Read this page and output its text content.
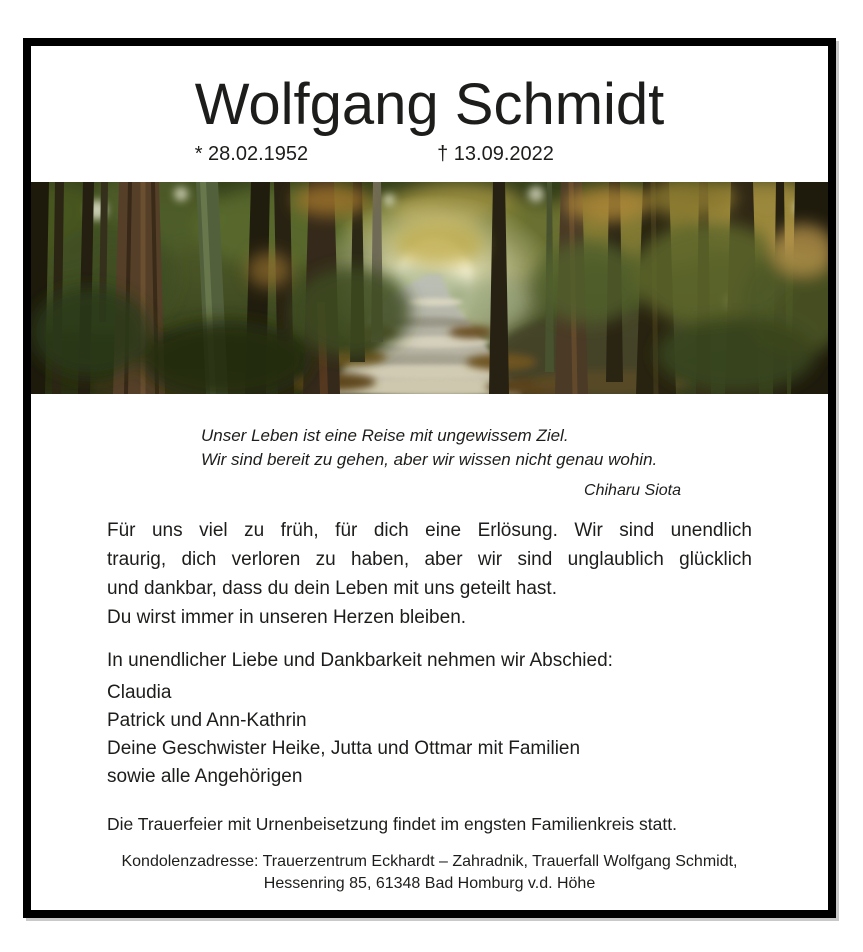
Wolfgang Schmidt
* 28.02.1952	† 13.09.2022
Unser Leben ist eine Reise mit ungewissem Ziel.
Wir sind bereit zu gehen, aber wir wissen nicht genau wohin.
Chiharu Siota
Für uns viel zu früh, für dich eine Erlösung. Wir sind unendlich
traurig, dich verloren zu haben, aber wir sind unglaublich glücklich
und dankbar, dass du dein Leben mit uns geteilt hast.
Du wirst immer in unseren Herzen bleiben.
In unendlicher Liebe und Dankbarkeit nehmen wir Abschied:
Claudia
Patrick und Ann-Kathrin
Deine Geschwister Heike, Jutta und Ottmar mit Familien
sowie alle Angehörigen
Die Trauerfeier mit Urnenbeisetzung findet im engsten Familienkreis statt.
Kondolenzadresse: Trauerzentrum Eckhardt – Zahradnik, Trauerfall Wolfgang Schmidt,
Hessenring 85, 61348 Bad Homburg v.d. Höhe
